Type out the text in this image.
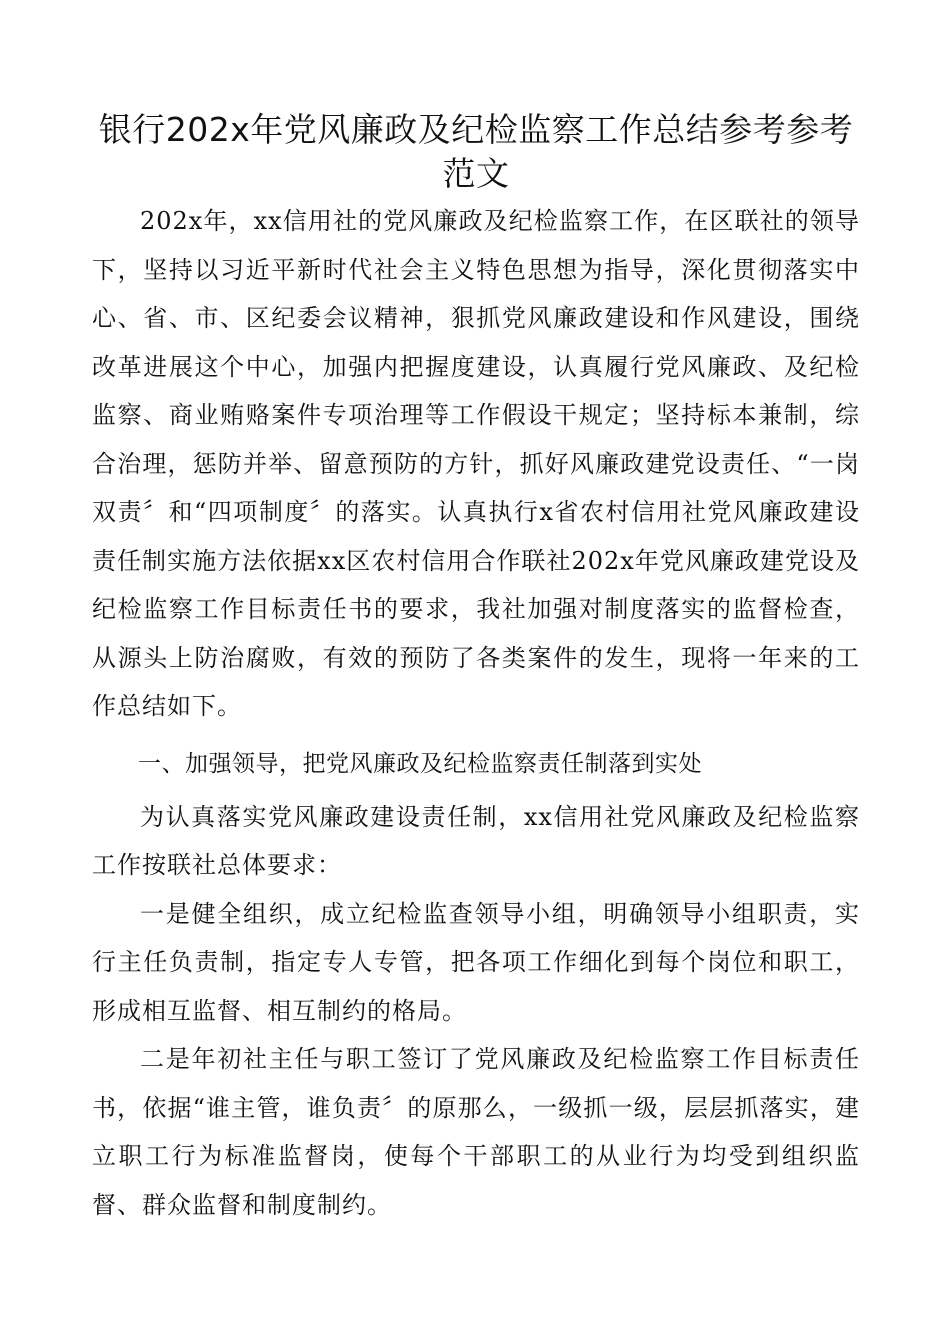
银行202x年党风廉政及纪检监察工作总结参考参考范文

202x年，xx信用社的党风廉政及纪检监察工作，在区联社的领导下，坚持以习近平新时代社会主义特色思想为指导，深化贯彻落实中心、省、市、区纪委会议精神，狠抓党风廉政建设和作风建设，围绕改革进展这个中心，加强内把握度建设，认真履行党风廉政、及纪检监察、商业贿赂案件专项治理等工作假设干规定；坚持标本兼制，综合治理，惩防并举、留意预防的方针，抓好风廉政建党设责任、“一岗双责〞和“四项制度〞的落实。认真执行x省农村信用社党风廉政建设责任制实施方法依据xx区农村信用合作联社202x年党风廉政建党设及纪检监察工作目标责任书的要求，我社加强对制度落实的监督检查，从源头上防治腐败，有效的预防了各类案件的发生，现将一年来的工作总结如下。

一、加强领导，把党风廉政及纪检监察责任制落到实处

为认真落实党风廉政建设责任制，xx信用社党风廉政及纪检监察工作按联社总体要求：

一是健全组织，成立纪检监查领导小组，明确领导小组职责，实行主任负责制，指定专人专管，把各项工作细化到每个岗位和职工，形成相互监督、相互制约的格局。

二是年初社主任与职工签订了党风廉政及纪检监察工作目标责任书，依据“谁主管，谁负责〞的原那么，一级抓一级，层层抓落实，建立职工行为标准监督岗，使每个干部职工的从业行为均受到组织监督、群众监督和制度制约。
